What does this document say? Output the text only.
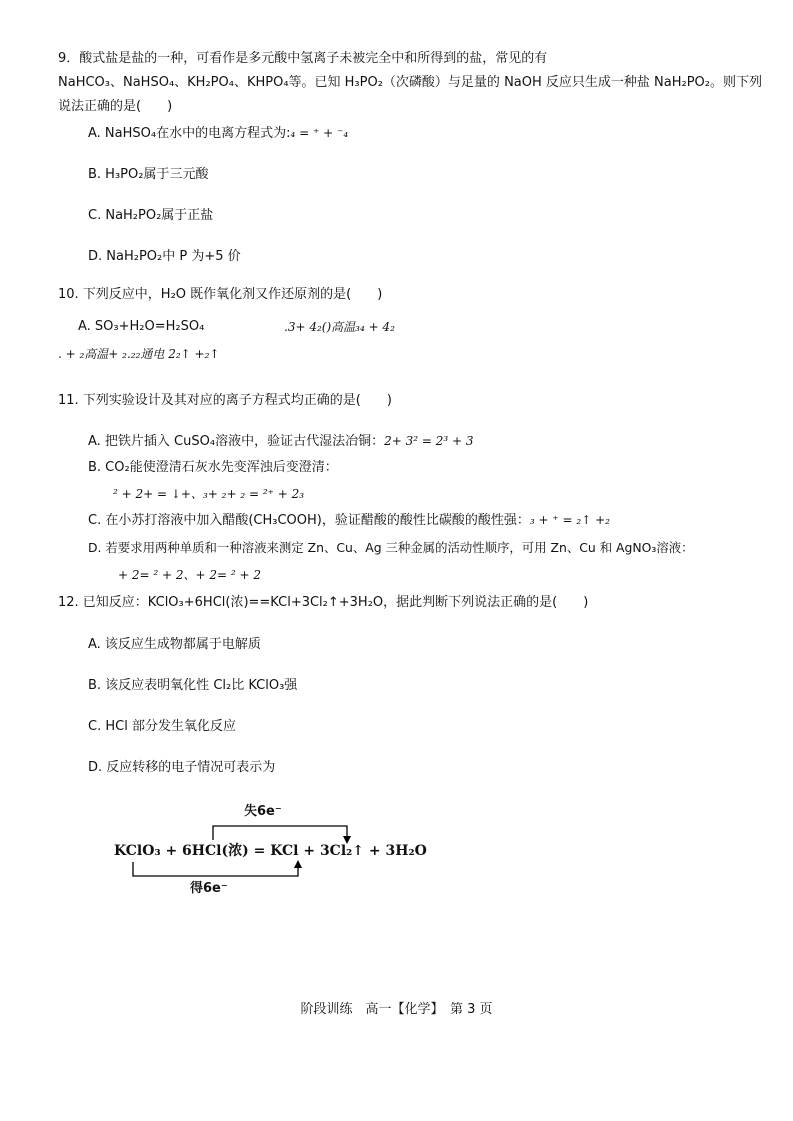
9．酸式盐是盐的一种，可看作是多元酸中氢离子未被完全中和所得到的盐，常见的有
NaHCO₃、NaHSO₄、KH₂PO₄、KHPO₄等。已知 H₃PO₂（次磷酸）与足量的 NaOH 反应只生成一种盐 NaH₂PO₂。则下列
说法正确的是(　　)
A. NaHSO₄在水中的电离方程式为:₄ = ⁺ + ⁻₄
B. H₃PO₂属于三元酸
C. NaH₂PO₂属于正盐
D. NaH₂PO₂中 P 为+5 价
10. 下列反应中，H₂O 既作氧化剂又作还原剂的是(　　)
A. SO₃+H₂O=H₂SO₄	.3+ 4₂()高温₃₄ + 4₂
. + ₂高温+ ₂.₂₂通电 2₂↑ +₂↑
11. 下列实验设计及其对应的离子方程式均正确的是(　　)
A. 把铁片插入 CuSO₄溶液中，验证古代湿法冶铜：2+ 3² = 2³ + 3
B. CO₂能使澄清石灰水先变浑浊后变澄清：
² + 2+ = ↓+、₃+ ₂+ ₂ = ²⁺ + 2₃
C. 在小苏打溶液中加入醋酸(CH₃COOH)，验证醋酸的酸性比碳酸的酸性强：₃ + ⁺ = ₂↑ +₂
D. 若要求用两种单质和一种溶液来测定 Zn、Cu、Ag 三种金属的活动性顺序，可用 Zn、Cu 和 AgNO₃溶液：
+ 2= ² + 2、+ 2= ² + 2
12. 已知反应：KClO₃+6HCl(浓)==KCl+3Cl₂↑+3H₂O，据此判断下列说法正确的是(　　)
A. 该反应生成物都属于电解质
B. 该反应表明氧化性 Cl₂比 KClO₃强
C. HCl 部分发生氧化反应
D. 反应转移的电子情况可表示为
失6e⁻
KClO₃ + 6HCl(浓) = KCl + 3Cl₂↑ + 3H₂O
得6e⁻
阶段训练　高一【化学】　第 3 页
